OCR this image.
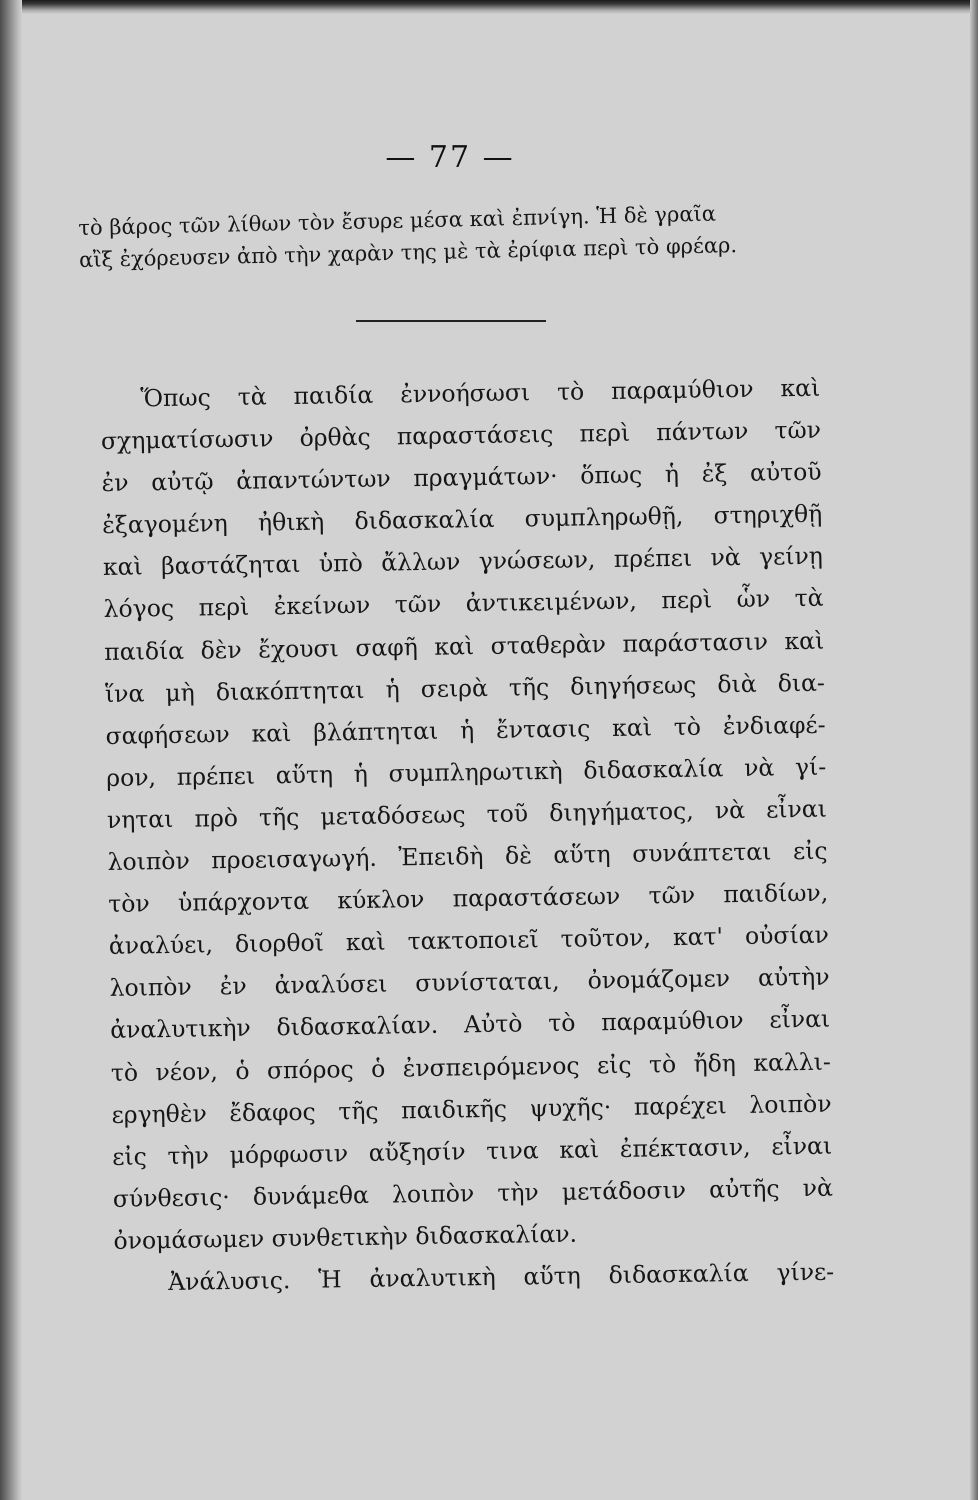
— 77 —
τὸ βάρος τῶν λίθων τὸν ἔσυρε μέσα καὶ ἐπνίγη. Ἡ δὲ γραῖα
αἲξ ἐχόρευσεν ἀπὸ τὴν χαρὰν της μὲ τὰ ἐρίφια περὶ τὸ φρέαρ.
Ὅπως τὰ παιδία ἐννοήσωσι τὸ παραμύθιον καὶ
σχηματίσωσιν ὀρθὰς παραστάσεις περὶ πάντων τῶν
ἐν αὐτῷ ἀπαντώντων πραγμάτων· ὅπως ἡ ἐξ αὐτοῦ
ἐξαγομένη ἠθικὴ διδασκαλία συμπληρωθῇ, στηριχθῇ
καὶ βαστάζηται ὑπὸ ἄλλων γνώσεων, πρέπει νὰ γείνῃ
λόγος περὶ ἐκείνων τῶν ἀντικειμένων, περὶ ὧν τὰ
παιδία δὲν ἔχουσι σαφῆ καὶ σταθερὰν παράστασιν καὶ
ἵνα μὴ διακόπτηται ἡ σειρὰ τῆς διηγήσεως διὰ δια-
σαφήσεων καὶ βλάπτηται ἡ ἔντασις καὶ τὸ ἐνδιαφέ-
ρον, πρέπει αὕτη ἡ συμπληρωτικὴ διδασκαλία νὰ γί-
νηται πρὸ τῆς μεταδόσεως τοῦ διηγήματος, νὰ εἶναι
λοιπὸν προεισαγωγή. Ἐπειδὴ δὲ αὕτη συνάπτεται εἰς
τὸν ὑπάρχοντα κύκλον παραστάσεων τῶν παιδίων,
ἀναλύει, διορθοῖ καὶ τακτοποιεῖ τοῦτον, κατ' οὐσίαν
λοιπὸν ἐν ἀναλύσει συνίσταται, ὀνομάζομεν αὐτὴν
ἀναλυτικὴν διδασκαλίαν. Αὐτὸ τὸ παραμύθιον εἶναι
τὸ νέον, ὁ σπόρος ὁ ἐνσπειρόμενος εἰς τὸ ἤδη καλλι-
εργηθὲν ἔδαφος τῆς παιδικῆς ψυχῆς· παρέχει λοιπὸν
εἰς τὴν μόρφωσιν αὔξησίν τινα καὶ ἐπέκτασιν, εἶναι
σύνθεσις· δυνάμεθα λοιπὸν τὴν μετάδοσιν αὐτῆς νὰ
ὀνομάσωμεν συνθετικὴν διδασκαλίαν.
Ἀνάλυσις. Ἡ ἀναλυτικὴ αὕτη διδασκαλία γίνε-
